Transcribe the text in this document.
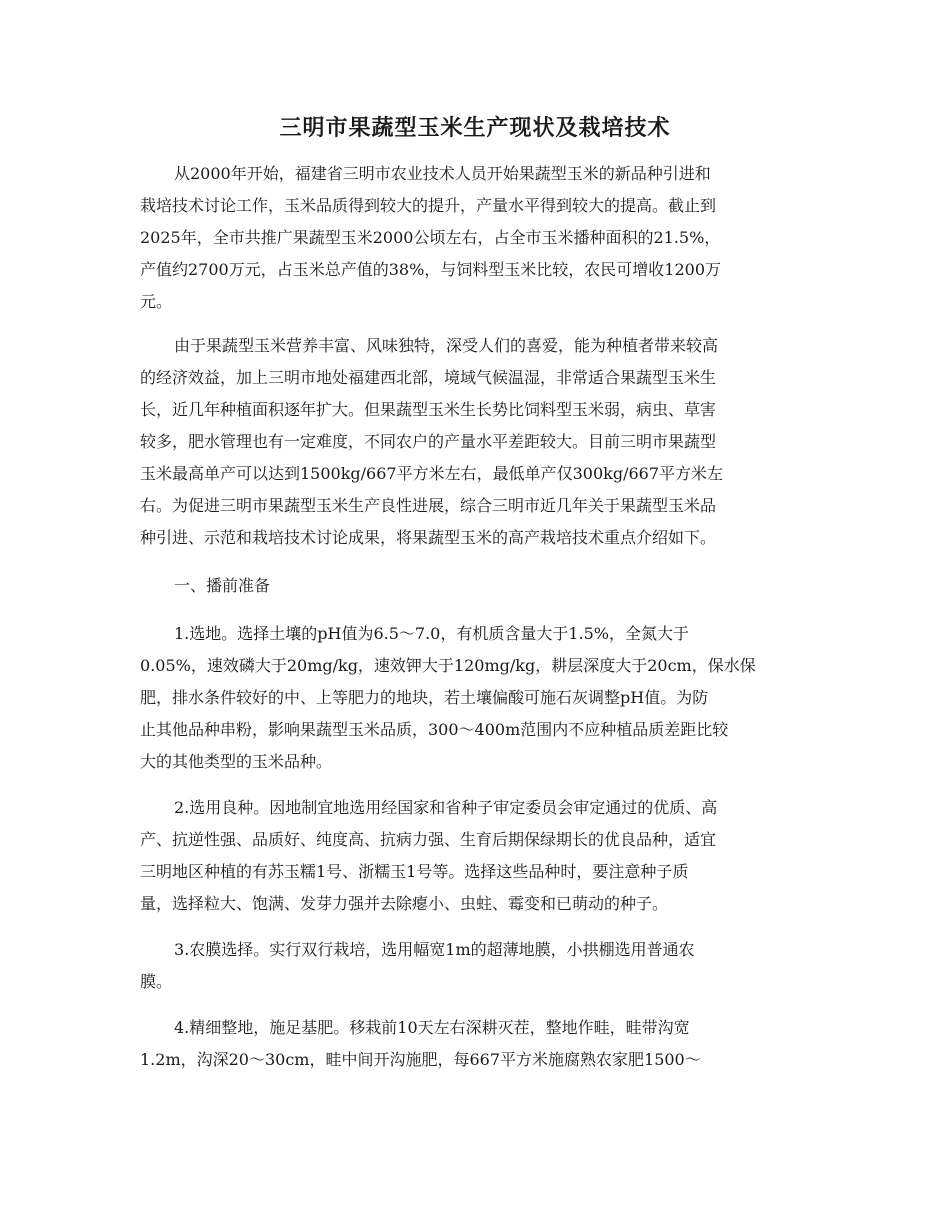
三明市果蔬型玉米生产现状及栽培技术
从2000年开始，福建省三明市农业技术人员开始果蔬型玉米的新品种引进和
栽培技术讨论工作，玉米品质得到较大的提升，产量水平得到较大的提高。截止到
2025年，全市共推广果蔬型玉米2000公顷左右，占全市玉米播种面积的21.5%，
产值约2700万元，占玉米总产值的38%，与饲料型玉米比较，农民可增收1200万
元。
由于果蔬型玉米营养丰富、风味独特，深受人们的喜爱，能为种植者带来较高
的经济效益，加上三明市地处福建西北部，境域气候温湿，非常适合果蔬型玉米生
长，近几年种植面积逐年扩大。但果蔬型玉米生长势比饲料型玉米弱，病虫、草害
较多，肥水管理也有一定难度，不同农户的产量水平差距较大。目前三明市果蔬型
玉米最高单产可以达到1500kg/667平方米左右，最低单产仅300kg/667平方米左
右。为促进三明市果蔬型玉米生产良性进展，综合三明市近几年关于果蔬型玉米品
种引进、示范和栽培技术讨论成果，将果蔬型玉米的高产栽培技术重点介绍如下。
一、播前准备
1.选地。选择土壤的pH值为6.5～7.0，有机质含量大于1.5%，全氮大于
0.05%，速效磷大于20mg/kg，速效钾大于120mg/kg，耕层深度大于20cm，保水保
肥，排水条件较好的中、上等肥力的地块，若土壤偏酸可施石灰调整pH值。为防
止其他品种串粉，影响果蔬型玉米品质，300～400m范围内不应种植品质差距比较
大的其他类型的玉米品种。
2.选用良种。因地制宜地选用经国家和省种子审定委员会审定通过的优质、高
产、抗逆性强、品质好、纯度高、抗病力强、生育后期保绿期长的优良品种，适宜
三明地区种植的有苏玉糯1号、浙糯玉1号等。选择这些品种时，要注意种子质
量，选择粒大、饱满、发芽力强并去除瘪小、虫蛀、霉变和已萌动的种子。
3.农膜选择。实行双行栽培，选用幅宽1m的超薄地膜，小拱棚选用普通农
膜。
4.精细整地，施足基肥。移栽前10天左右深耕灭茬，整地作畦，畦带沟宽
1.2m，沟深20～30cm，畦中间开沟施肥，每667平方米施腐熟农家肥1500～
